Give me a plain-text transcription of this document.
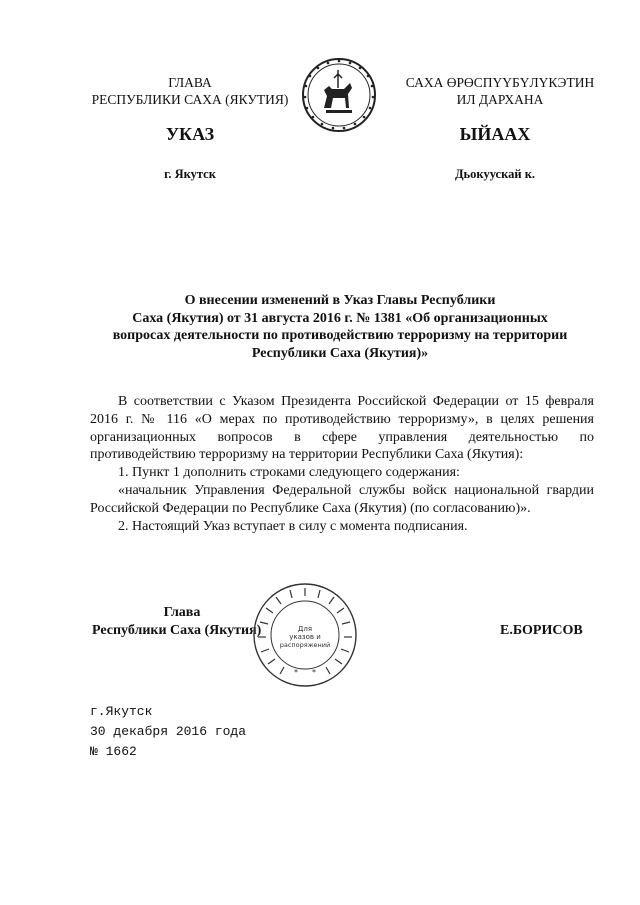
ГЛАВА
РЕСПУБЛИКИ САХА (ЯКУТИЯ)
САХА ӨРӨСПҮҮБҮЛҮКЭТИН
ИЛ ДАРХАНА
УКАЗ	ЫЙААХ
г. Якутск	Дьокуускай к.
О внесении изменений в Указ Главы Республики
Саха (Якутия) от 31 августа 2016 г. № 1381 «Об организационных
вопросах деятельности по противодействию терроризму на территории
Республики Саха (Якутия)»

В соответствии с Указом Президента Российской Федерации от 15 февраля 2016 г. № 116 «О мерах по противодействию терроризму», в целях решения организационных вопросов в сфере управления деятельностью по противодействию терроризму на территории Республики Саха (Якутия):

1. Пункт 1 дополнить строками следующего содержания:

«начальник Управления Федеральной службы войск национальной гвардии Российской Федерации по Республике Саха (Якутия) (по согласованию)».

2. Настоящий Указ вступает в силу с момента подписания.

Глава
Республики Саха (Якутия)	Е.БОРИСОВ
* *
Для
указов и
распоряжений
г.Якутск
30 декабря 2016 года
№ 1662
